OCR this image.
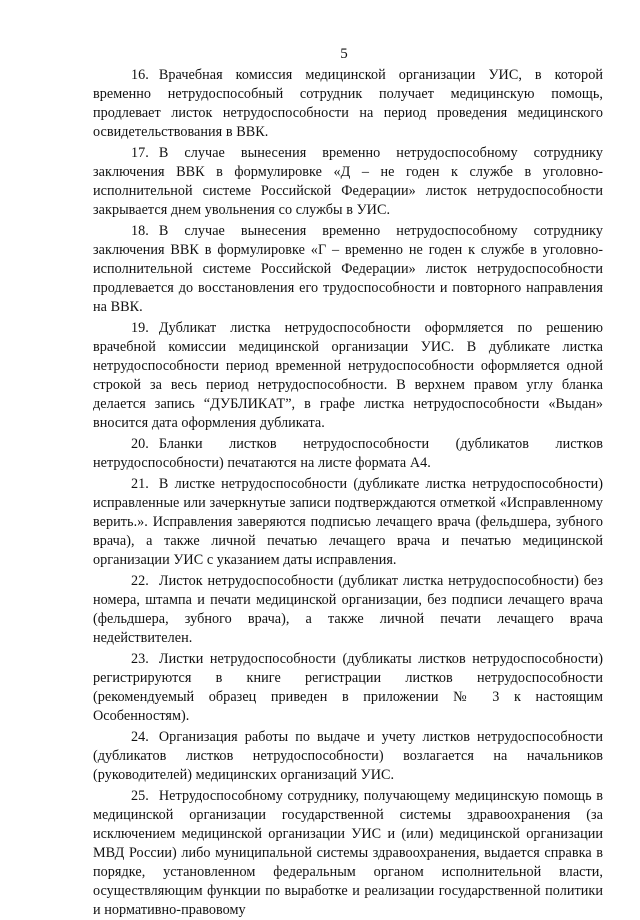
5

16. Врачебная комиссия медицинской организации УИС, в которой временно нетрудоспособный сотрудник получает медицинскую помощь, продлевает листок нетрудоспособности на период проведения медицинского освидетельствования в ВВК.

17. В случае вынесения временно нетрудоспособному сотруднику заключения ВВК в формулировке «Д – не годен к службе в уголовно-исполнительной системе Российской Федерации» листок нетрудоспособности закрывается днем увольнения со службы в УИС.

18. В случае вынесения временно нетрудоспособному сотруднику заключения ВВК в формулировке «Г – временно не годен к службе в уголовно-исполнительной системе Российской Федерации» листок нетрудоспособности продлевается до восстановления его трудоспособности и повторного направления на ВВК.

19. Дубликат листка нетрудоспособности оформляется по решению врачебной комиссии медицинской организации УИС. В дубликате листка нетрудоспособности период временной нетрудоспособности оформляется одной строкой за весь период нетрудоспособности. В верхнем правом углу бланка делается запись “ДУБЛИКАТ”, в графе листка нетрудоспособности «Выдан» вносится дата оформления дубликата.

20. Бланки листков нетрудоспособности (дубликатов листков нетрудоспособности) печатаются на листе формата А4.

21. В листке нетрудоспособности (дубликате листка нетрудоспособности) исправленные или зачеркнутые записи подтверждаются отметкой «Исправленному верить.». Исправления заверяются подписью лечащего врача (фельдшера, зубного врача), а также личной печатью лечащего врача и печатью медицинской организации УИС с указанием даты исправления.

22. Листок нетрудоспособности (дубликат листка нетрудоспособности) без номера, штампа и печати медицинской организации, без подписи лечащего врача (фельдшера, зубного врача), а также личной печати лечащего врача недействителен.

23. Листки нетрудоспособности (дубликаты листков нетрудоспособности) регистрируются в книге регистрации листков нетрудоспособности (рекомендуемый образец приведен в приложении № 3 к настоящим Особенностям).

24. Организация работы по выдаче и учету листков нетрудоспособности (дубликатов листков нетрудоспособности) возлагается на начальников (руководителей) медицинских организаций УИС.

25. Нетрудоспособному сотруднику, получающему медицинскую помощь в медицинской организации государственной системы здравоохранения (за исключением медицинской организации УИС и (или) медицинской организации МВД России) либо муниципальной системы здравоохранения, выдается справка в порядке, установленном федеральным органом исполнительной власти, осуществляющим функции по выработке и реализации государственной политики и нормативно-правовому
